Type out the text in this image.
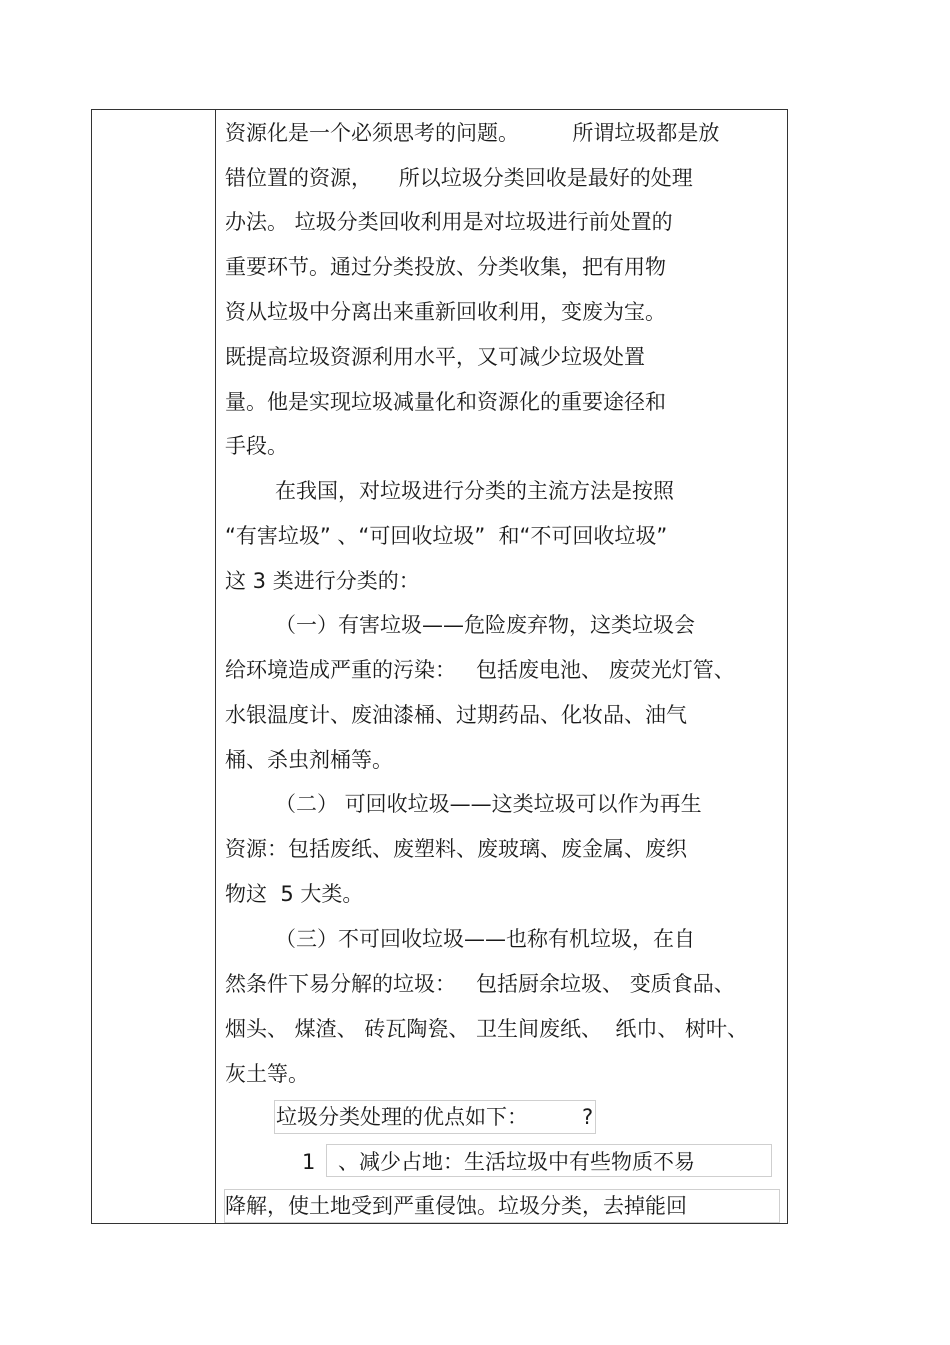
资源化是一个必须思考的问题。        所谓垃圾都是放
错位置的资源，    所以垃圾分类回收是最好的处理
办法。 垃圾分类回收利用是对垃圾进行前处置的
重要环节。通过分类投放、分类收集，把有用物
资从垃圾中分离出来重新回收利用，变废为宝。
既提高垃圾资源利用水平，又可减少垃圾处置
量。他是实现垃圾减量化和资源化的重要途径和
手段。
在我国，对垃圾进行分类的主流方法是按照
“有害垃圾” 、“可回收垃圾”  和“不可回收垃圾”
这 3 类进行分类的：
（一）有害垃圾——危险废弃物，这类垃圾会
给环境造成严重的污染：   包括废电池、 废荧光灯管、
水银温度计、废油漆桶、过期药品、化妆品、油气
桶、杀虫剂桶等。
（二） 可回收垃圾——这类垃圾可以作为再生
资源：包括废纸、废塑料、废玻璃、废金属、废织
物这  5 大类。
（三）不可回收垃圾——也称有机垃圾，在自
然条件下易分解的垃圾：   包括厨余垃圾、 变质食品、
烟头、 煤渣、 砖瓦陶瓷、 卫生间废纸、  纸巾、 树叶、
灰土等。
垃圾分类处理的优点如下：	?
1 、减少占地：生活垃圾中有些物质不易
降解，使土地受到严重侵蚀。垃圾分类，去掉能回
